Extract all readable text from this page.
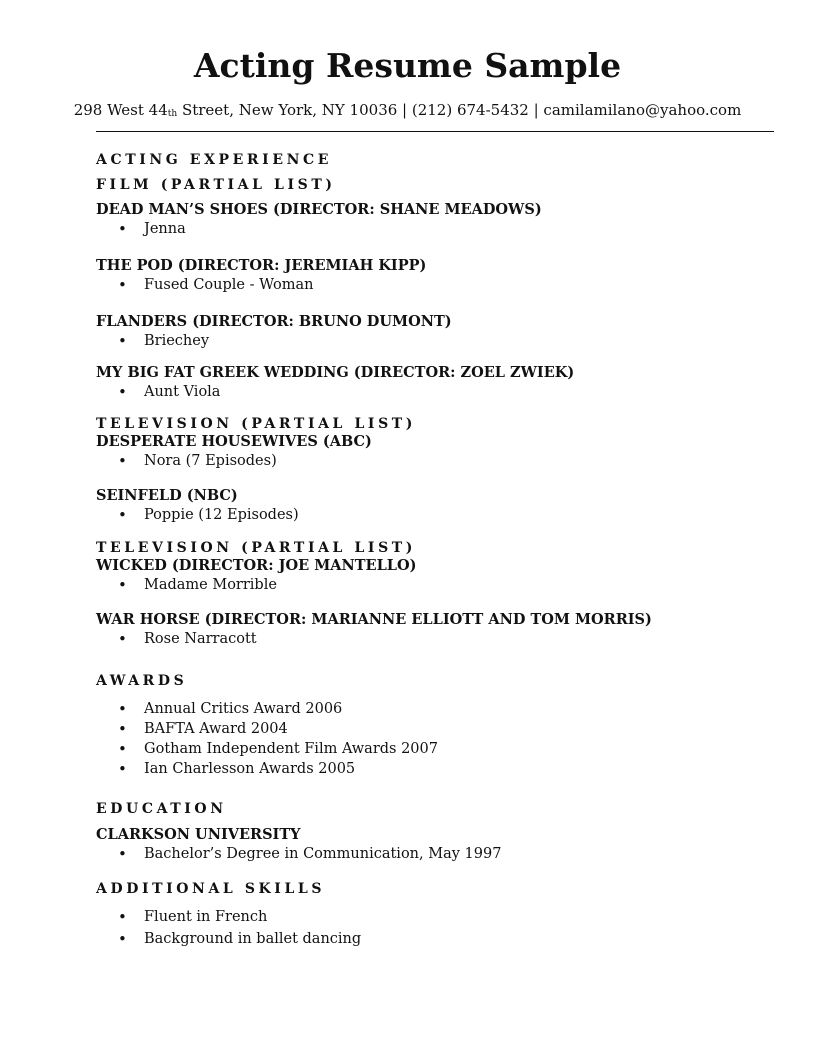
Acting Resume Sample
298 West $44_{th}$ Street, New York, NY 10036 | (212) 674-5432 | camilamilano@yahoo.com
ACTING EXPERIENCE
FILM (PARTIAL LIST)
DEAD MAN’S SHOES (DIRECTOR: SHANE MEADOWS)
• Jenna
THE POD (DIRECTOR: JEREMIAH KIPP)
• Fused Couple - Woman
FLANDERS (DIRECTOR: BRUNO DUMONT)
• Briechey
MY BIG FAT GREEK WEDDING (DIRECTOR: ZOEL ZWIEK)
• Aunt Viola
TELEVISION (PARTIAL LIST)
DESPERATE HOUSEWIVES (ABC)
• Nora (7 Episodes)
SEINFELD (NBC)
• Poppie (12 Episodes)
TELEVISION (PARTIAL LIST)
WICKED (DIRECTOR: JOE MANTELLO)
• Madame Morrible
WAR HORSE (DIRECTOR: MARIANNE ELLIOTT AND TOM MORRIS)
• Rose Narracott
AWARDS
• Annual Critics Award 2006
• BAFTA Award 2004
• Gotham Independent Film Awards 2007
• Ian Charlesson Awards 2005
EDUCATION
CLARKSON UNIVERSITY
• Bachelor’s Degree in Communication, May 1997
ADDITIONAL SKILLS
• Fluent in French
• Background in ballet dancing
